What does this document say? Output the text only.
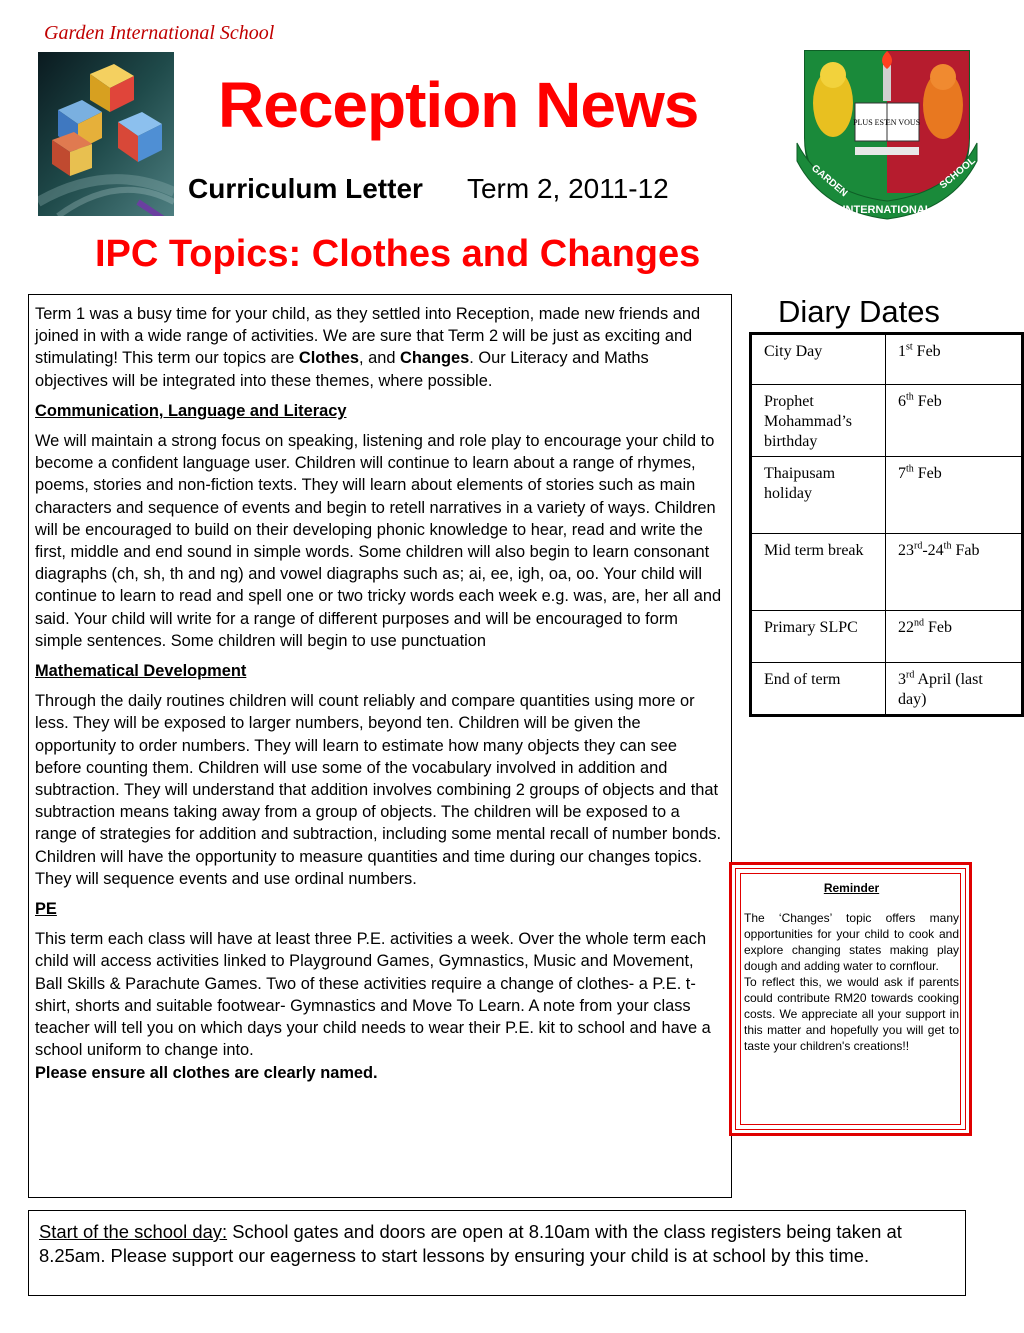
Garden International School
Reception News
Curriculum Letter Term 2, 2011-12
PLUS EST
EN VOUS
GARDEN
INTERNATIONAL
SCHOOL
IPC Topics: Clothes and Changes

Term 1 was a busy time for your child, as they settled into Reception, made new friends and joined in with a wide range of activities. We are sure that Term 2 will be just as exciting and stimulating! This term our topics are Clothes, and Changes. Our Literacy and Maths objectives will be integrated into these themes, where possible.

Communication, Language and Literacy

We will maintain a strong focus on speaking, listening and role play to encourage your child to become a confident language user. Children will continue to learn about a range of rhymes, poems, stories and non-fiction texts. They will learn about elements of stories such as main characters and sequence of events and begin to retell narratives in a variety of ways. Children will be encouraged to build on their developing phonic knowledge to hear, read and write the first, middle and end sound in simple words. Some children will also begin to learn consonant diagraphs (ch, sh, th and ng) and vowel diagraphs such as; ai, ee, igh, oa, oo. Your child will continue to learn to read and spell one or two tricky words each week e.g. was, are, her all and said. Your child will write for a range of different purposes and will be encouraged to form simple sentences. Some children will begin to use punctuation

Mathematical Development

Through the daily routines children will count reliably and compare quantities using more or less. They will be exposed to larger numbers, beyond ten. Children will be given the opportunity to order numbers. They will learn to estimate how many objects they can see before counting them. Children will use some of the vocabulary involved in addition and subtraction. They will understand that addition involves combining 2 groups of objects and that subtraction means taking away from a group of objects. The children will be exposed to a range of strategies for addition and subtraction, including some mental recall of number bonds. Children will have the opportunity to measure quantities and time during our changes topics. They will sequence events and use ordinal numbers.

PE

This term each class will have at least three P.E. activities a week. Over the whole term each child will access activities linked to Playground Games, Gymnastics, Music and Movement, Ball Skills & Parachute Games. Two of these activities require a change of clothes- a P.E. t-shirt, shorts and suitable footwear- Gymnastics and Move To Learn. A note from your class teacher will tell you on which days your child needs to wear their P.E. kit to school and have a school uniform to change into.
Please ensure all clothes are clearly named.

Diary Dates
City Day	1st Feb
Prophet Mohammad’s birthday	6th Feb
Thaipusam holiday	7th Feb
Mid term break	23rd-24th Fab
Primary SLPC	22nd Feb
End of term	3rd April (last day)
Reminder

The ‘Changes’ topic offers many opportunities for your child to cook and explore changing states making play dough and adding water to cornflour.

To reflect this, we would ask if parents could contribute RM20 towards cooking costs. We appreciate all your support in this matter and hopefully you will get to taste your children's creations!!

Start of the school day: School gates and doors are open at 8.10am with the class registers being taken at 8.25am. Please support our eagerness to start lessons by ensuring your child is at school by this time.
